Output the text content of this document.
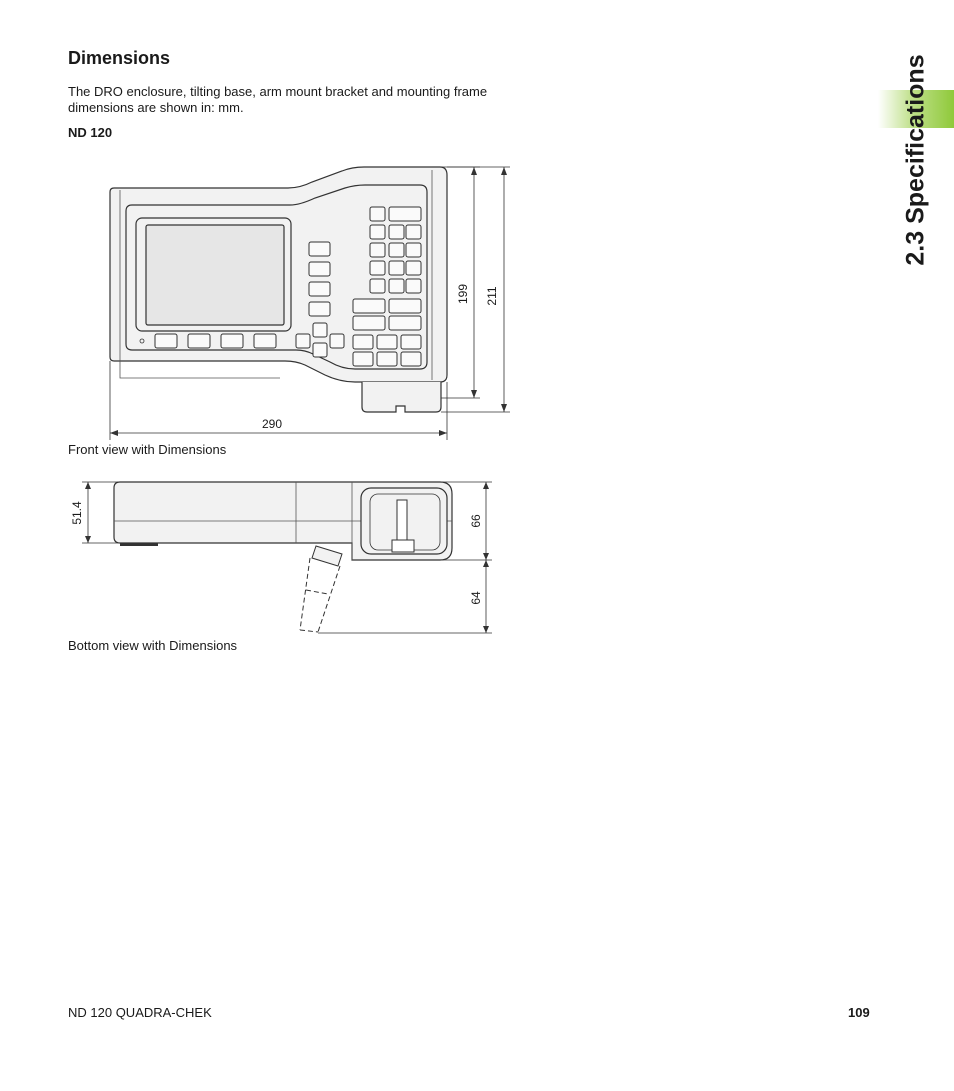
2.3 Specifications
Dimensions

The DRO enclosure, tilting base, arm mount bracket and mounting frame dimensions are shown in: mm.

ND 120

290
199 211

Front view with Dimensions

51.4	66
64

Bottom view with Dimensions

ND 120 QUADRA-CHEK	109
